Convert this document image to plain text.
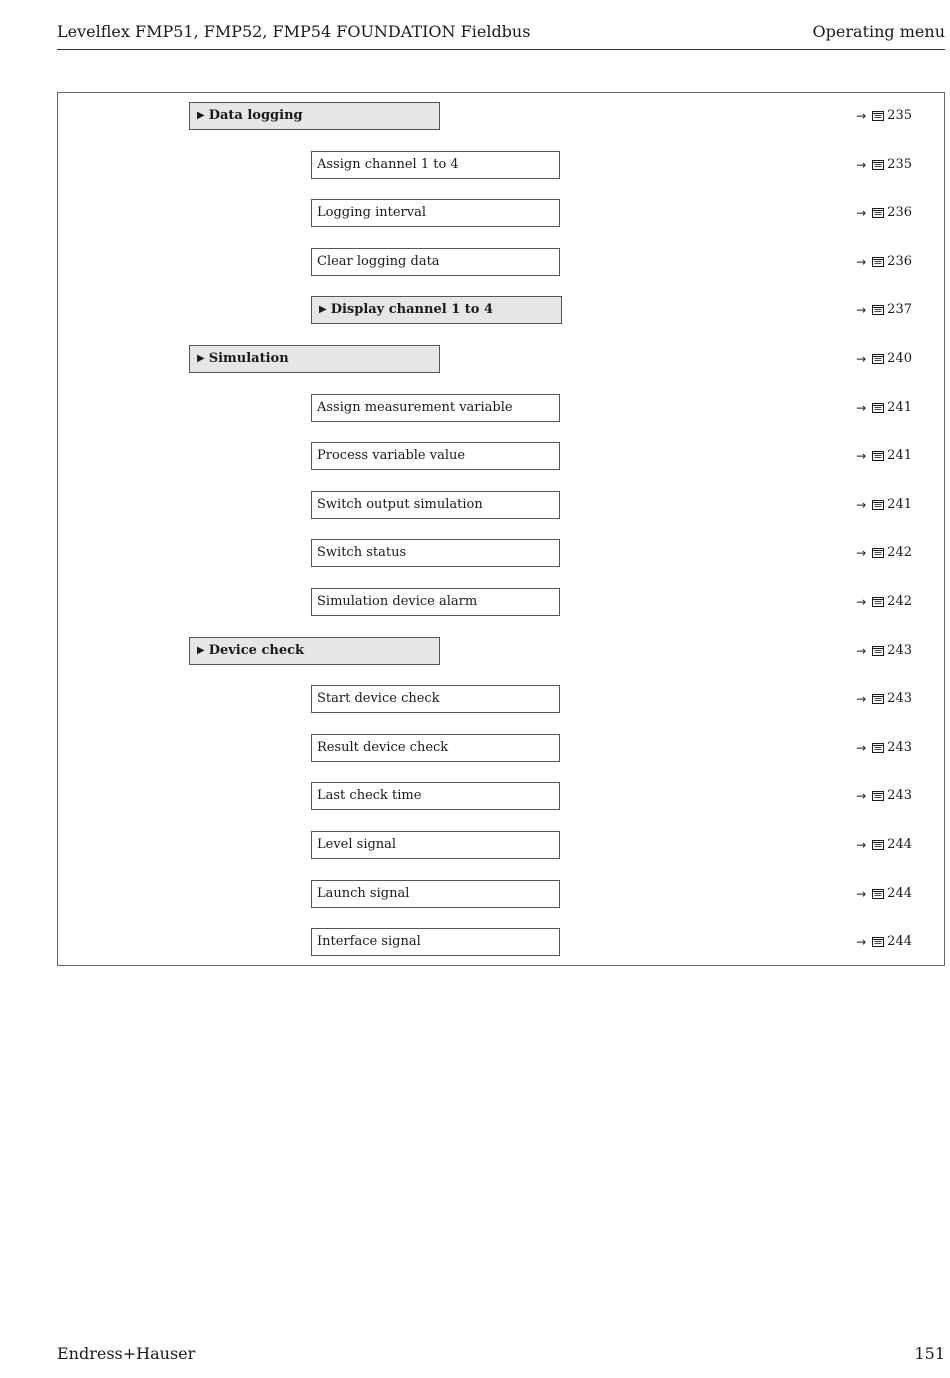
Levelflex FMP51, FMP52, FMP54 FOUNDATION Fieldbus	Operating menu
▶ Data logging	→ 235
Assign channel 1 to 4	→ 235
Logging interval	→ 236
Clear logging data	→ 236
▶ Display channel 1 to 4	→ 237
▶ Simulation	→ 240
Assign measurement variable	→ 241
Process variable value	→ 241
Switch output simulation	→ 241
Switch status	→ 242
Simulation device alarm	→ 242
▶ Device check	→ 243
Start device check	→ 243
Result device check	→ 243
Last check time	→ 243
Level signal	→ 244
Launch signal	→ 244
Interface signal	→ 244
Endress+Hauser	151
